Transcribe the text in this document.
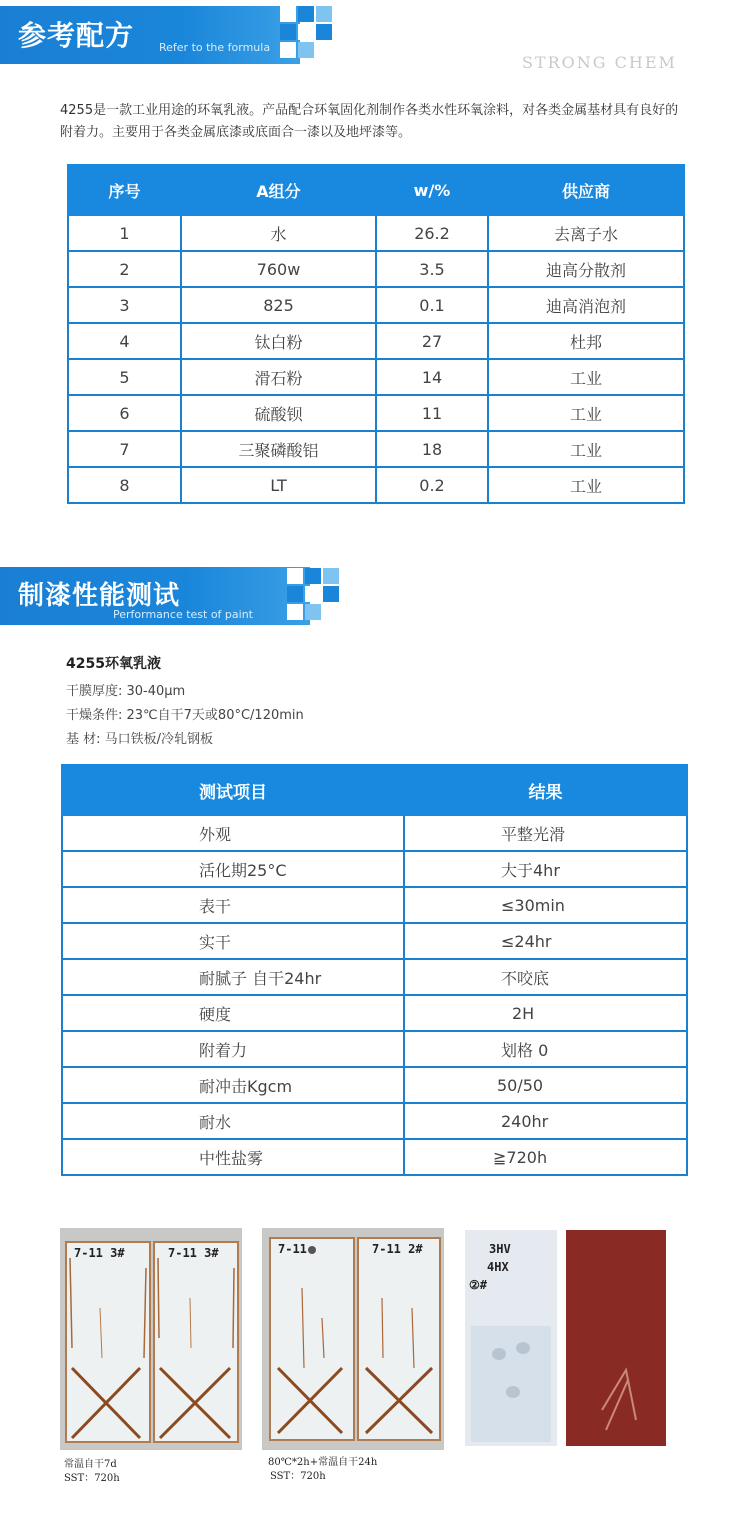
参考配方 Refer to the formula
STRONG CHEM
4255是一款工业用途的环氧乳液。产品配合环氧固化剂制作各类水性环氧涂料，对各类金属基材具有良好的附着力。主要用于各类金属底漆或底面合一漆以及地坪漆等。
序号	A组分	w/%	供应商
1	水	26.2	去离子水
2	760w	3.5	迪高分散剂
3	825	0.1	迪高消泡剂
4	钛白粉	27	杜邦
5	滑石粉	14	工业
6	硫酸钡	11	工业
7	三聚磷酸铝	18	工业
8	LT	0.2	工业
制漆性能测试
Performance test of paint
4255环氧乳液
干膜厚度: 30-40μm
干燥条件: 23℃自干7天或80°C/120min
基 材: 马口铁板/冷轧钢板
测试项目	结果
外观	平整光滑
活化期25°C	大于4hr
表干	≤30min
实干	≤24hr
耐腻子 自干24hr	不咬底
硬度	2H
附着力	划格 0
耐冲击Kgcm	50/50
耐水	240hr
中性盐雾	≧720h
7-11 3#	7-11 3#
常温自干7d
SST：720h
7-11	7-11 2#
80℃*2h+常温自干24h
SST：720h
3HV
4HX
②#
